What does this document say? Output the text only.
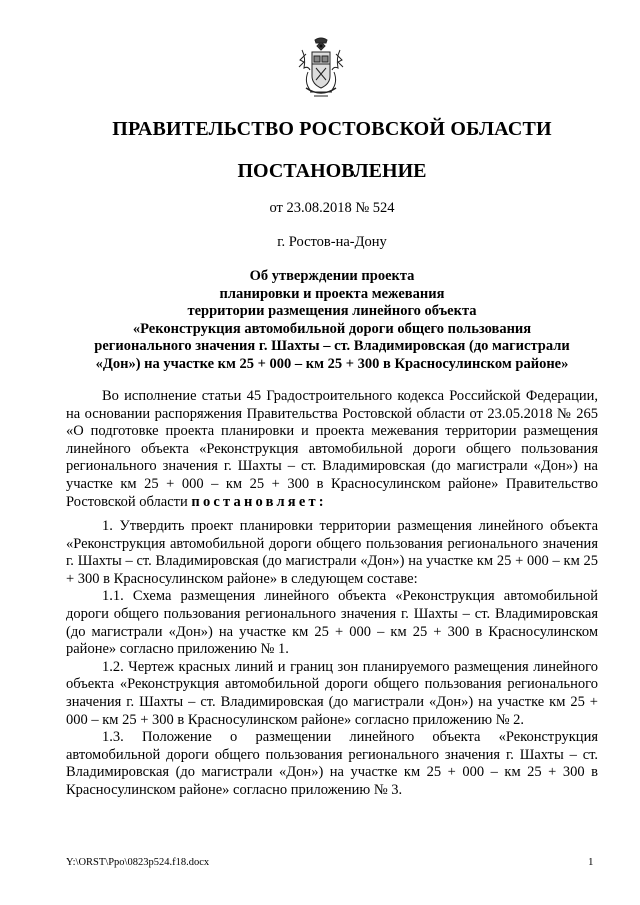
ПРАВИТЕЛЬСТВО РОСТОВСКОЙ ОБЛАСТИ
ПОСТАНОВЛЕНИЕ
от 23.08.2018 № 524
г. Ростов-на-Дону
Об утверждении проекта
планировки и проекта межевания
территории размещения линейного объекта
«Реконструкция автомобильной дороги общего пользования
регионального значения г. Шахты – ст. Владимировская (до магистрали
«Дон») на участке км 25 + 000 – км 25 + 300 в Красносулинском районе»

Во исполнение статьи 45 Градостроительного кодекса Российской Федерации, на основании распоряжения Правительства Ростовской области от 23.05.2018 № 265 «О подготовке проекта планировки и проекта межевания территории размещения линейного объекта «Реконструкция автомобильной дороги общего пользования регионального значения г. Шахты – ст. Владимировская (до магистрали «Дон») на участке км 25 + 000 – км 25 + 300 в Красносулинском районе» Правительство Ростовской области постановляет:

1. Утвердить проект планировки территории размещения линейного объекта «Реконструкция автомобильной дороги общего пользования регионального значения г. Шахты – ст. Владимировская (до магистрали «Дон») на участке км 25 + 000 – км 25 + 300 в Красносулинском районе» в следующем составе:

1.1. Схема размещения линейного объекта «Реконструкция автомобильной дороги общего пользования регионального значения г. Шахты – ст. Владимировская (до магистрали «Дон») на участке км 25 + 000 – км 25 + 300 в Красносулинском районе» согласно приложению № 1.

1.2. Чертеж красных линий и границ зон планируемого размещения линейного объекта «Реконструкция автомобильной дороги общего пользования регионального значения г. Шахты – ст. Владимировская (до магистрали «Дон») на участке км 25 + 000 – км 25 + 300 в Красносулинском районе» согласно приложению № 2.

1.3. Положение о размещении линейного объекта «Реконструкция автомобильной дороги общего пользования регионального значения г. Шахты – ст. Владимировская (до магистрали «Дон») на участке км 25 + 000 – км 25 + 300 в Красносулинском районе» согласно приложению № 3.

Y:\ORST\Ppo\0823p524.f18.docx	1
